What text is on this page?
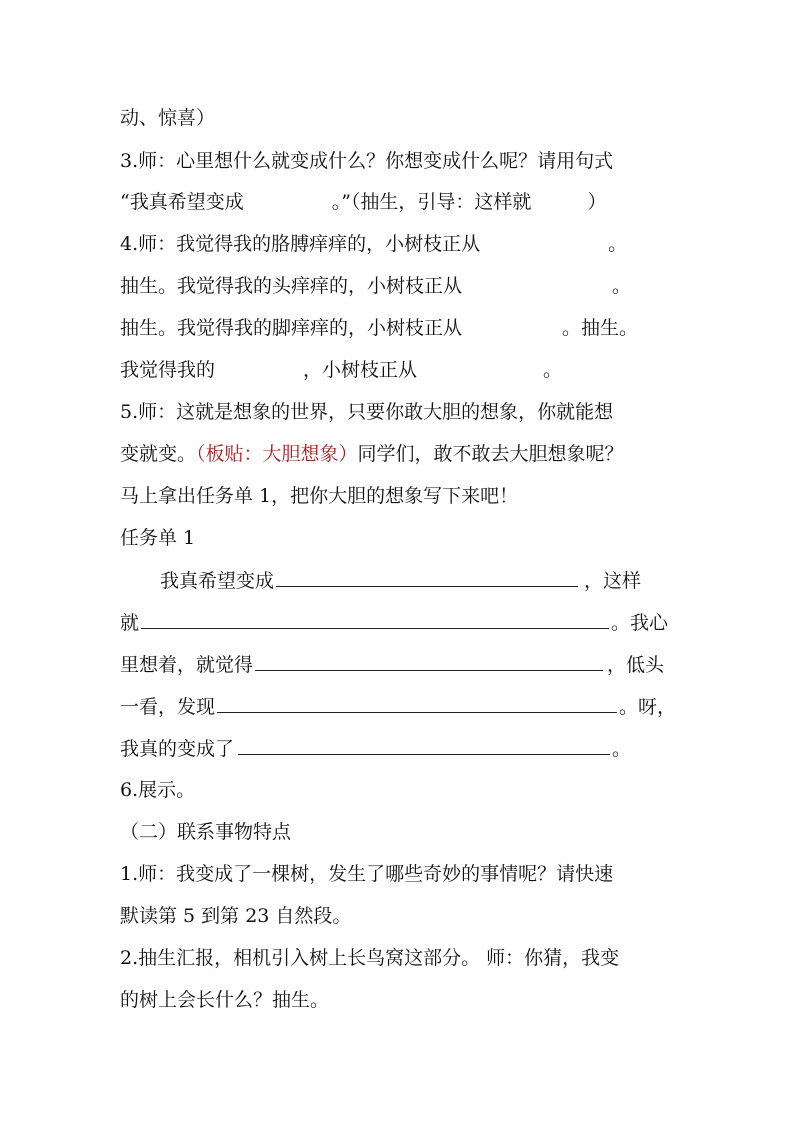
动、惊喜）
3.师：心里想什么就变成什么？你想变成什么呢？请用句式
“我真希望变成	。”（抽生，引导：这样就	）
4.师：我觉得我的胳膊痒痒的，小树枝正从	。
抽生。我觉得我的头痒痒的，小树枝正从	。
抽生。我觉得我的脚痒痒的，小树枝正从	。抽生。
我觉得我的	，小树枝正从	。
5.师：这就是想象的世界，只要你敢大胆的想象，你就能想
变就变。（板贴：大胆想象）同学们，敢不敢去大胆想象呢？
马上拿出任务单 1，把你大胆的想象写下来吧！
任务单 1
我真希望变成	，这样
就	。我心
里想着，就觉得	，低头
一看，发现	。呀，
我真的变成了	。
6.展示。
（二）联系事物特点
1.师：我变成了一棵树，发生了哪些奇妙的事情呢？请快速
默读第 5 到第 23 自然段。
2.抽生汇报，相机引入树上长鸟窝这部分。 师：你猜，我变
的树上会长什么？抽生。
